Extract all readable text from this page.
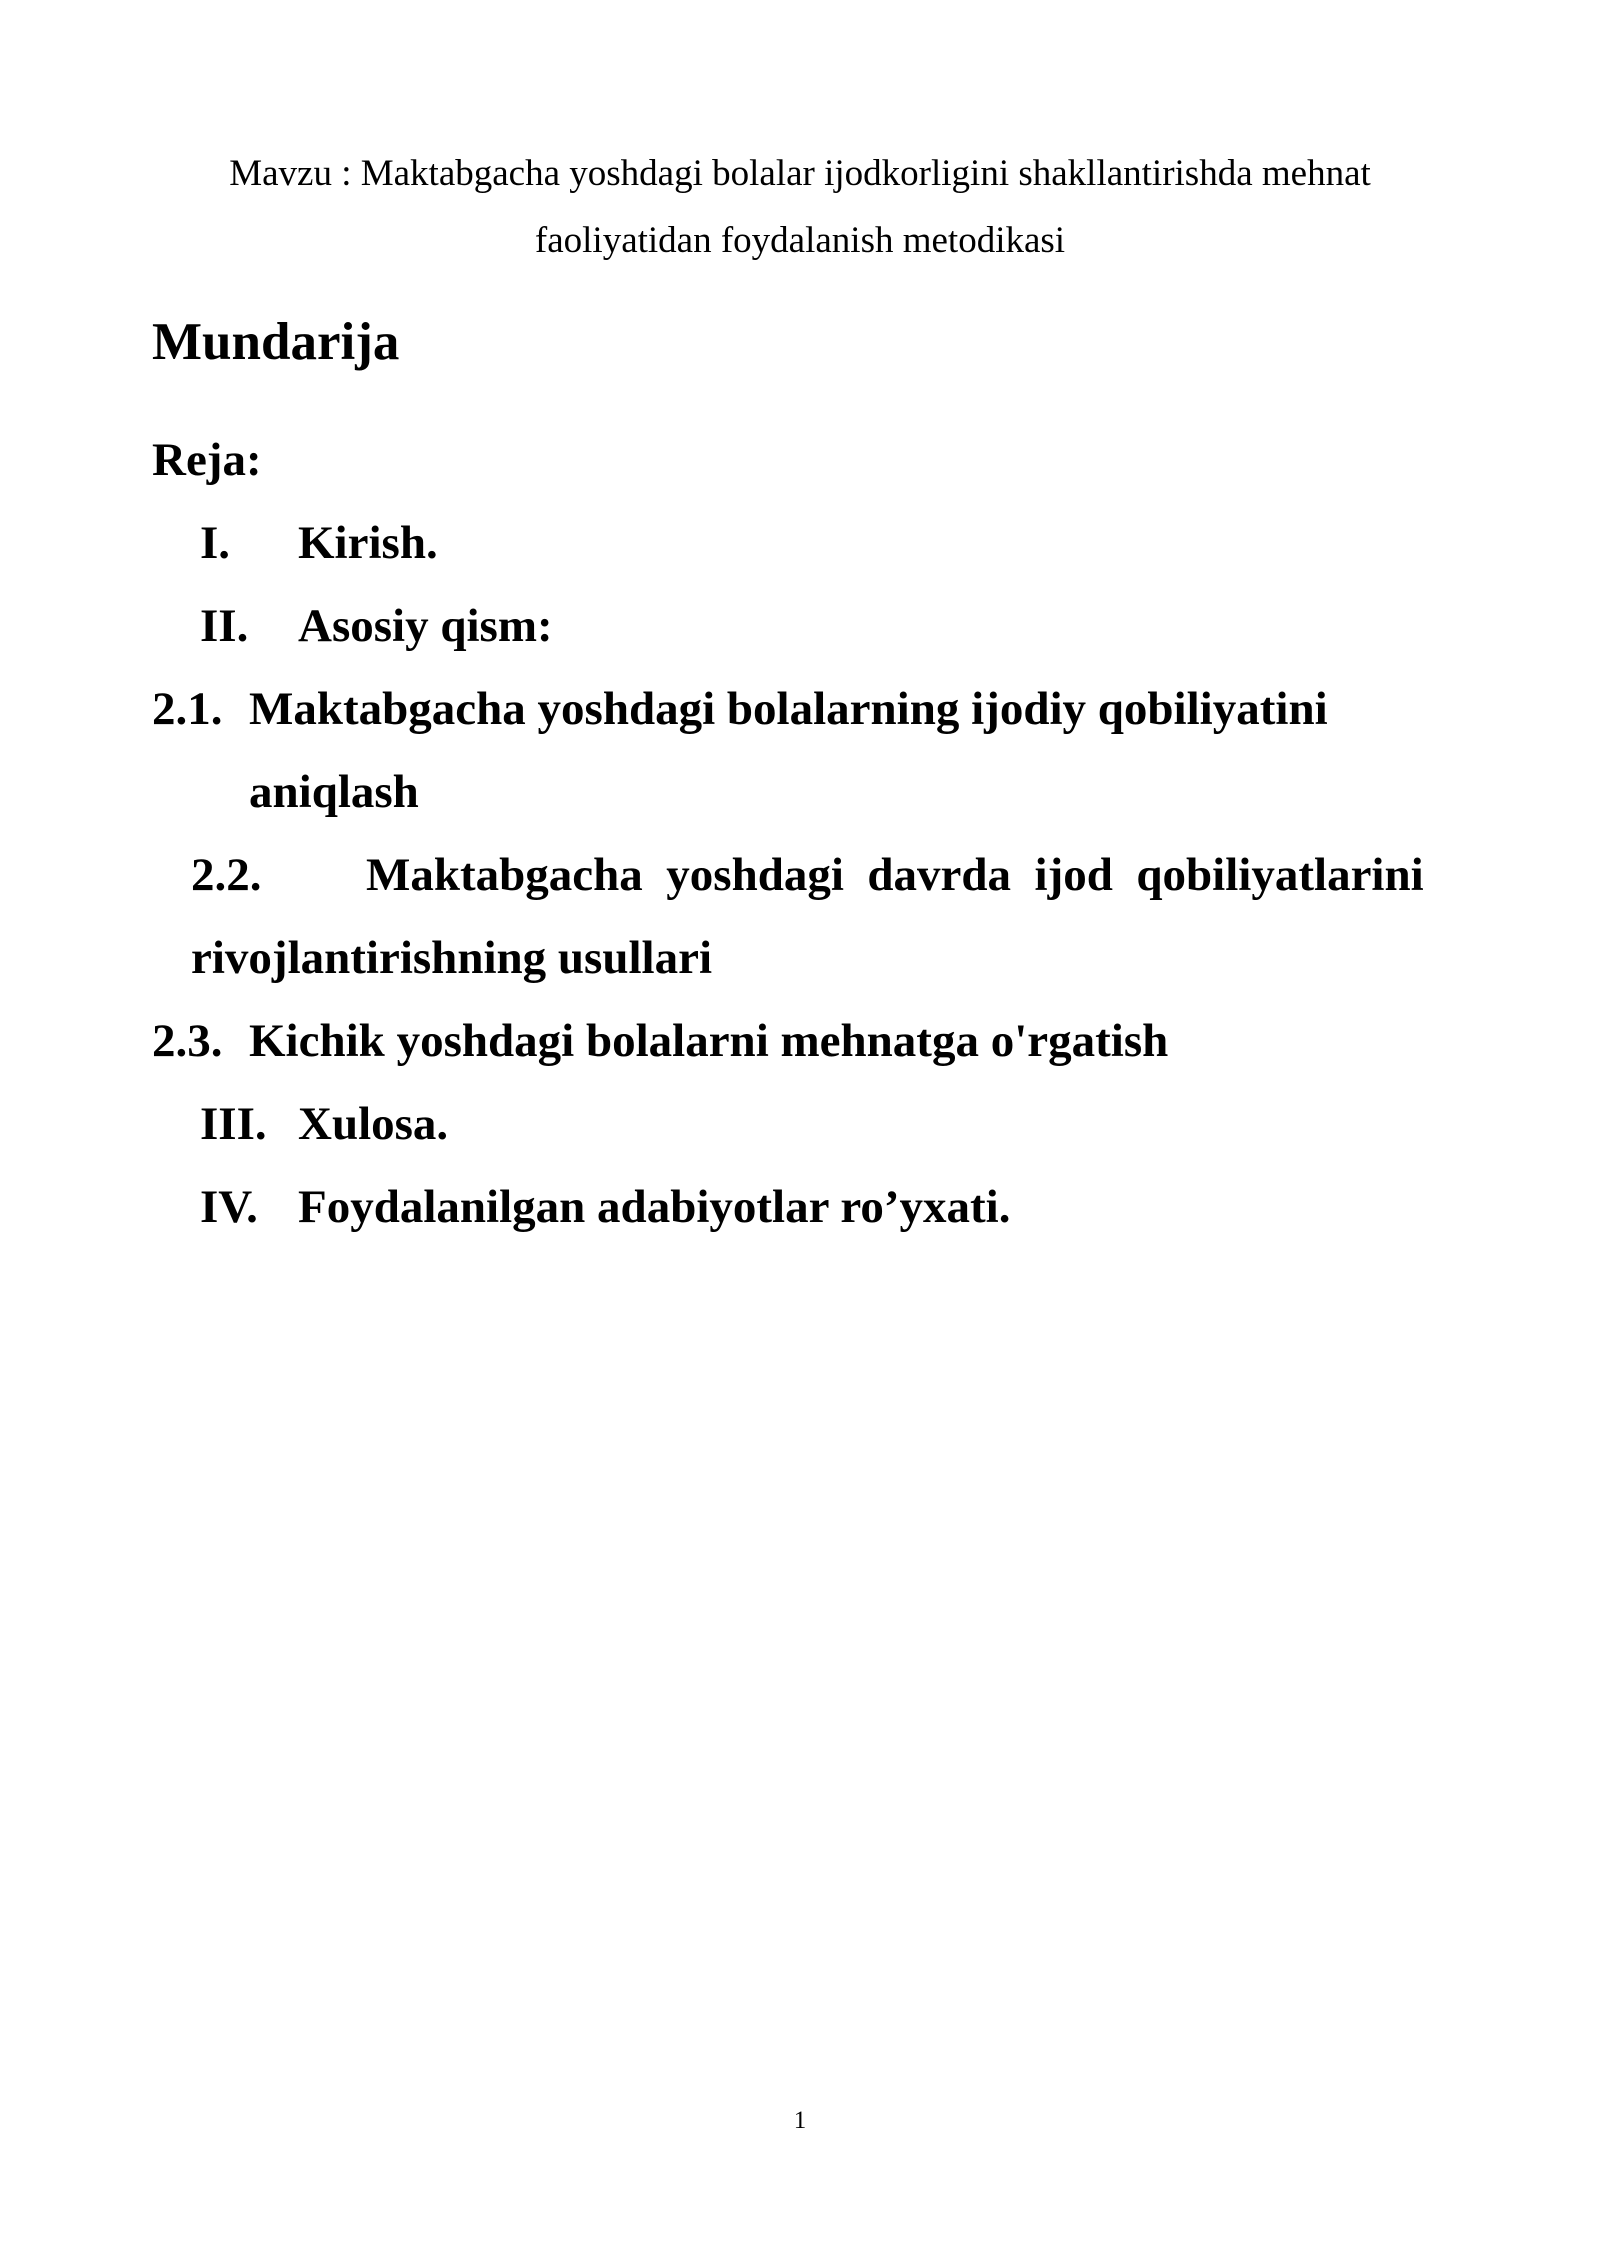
Mavzu : Maktabgacha yoshdagi bolalar ijodkorligini shakllantirishda mehnat
faoliyatidan foydalanish metodikasi
Mundarija
Reja:
I. Kirish.
II. Asosiy qism:
2.1. Maktabgacha yoshdagi bolalarning ijodiy qobiliyatini
aniqlash
2.2. Maktabgacha  yoshdagi  davrda  ijod  qobiliyatlarini
rivojlantirishning usullari
2.3. Kichik yoshdagi bolalarni mehnatga o'rgatish
III. Xulosa.
IV. Foydalanilgan adabiyotlar ro’yxati.
1
